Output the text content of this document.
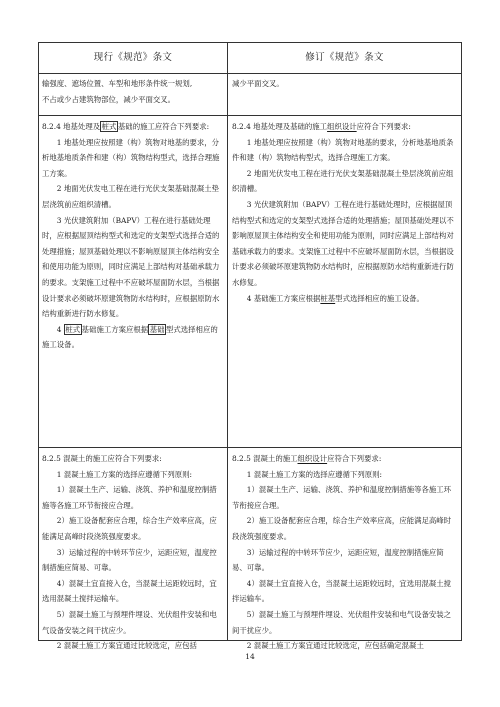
现行《规范》条文	修订《规范》条文

输强度、遮场位置、车型和地形条件统一规划,

不占或少占建筑物部位，减少平面交叉。

减少平面交叉。

8.2.4 地基处理及 桩式 基础的施工应符合下列要求:

1 地基处理应按照建（构）筑物对地基的要求，分析地基地质条件和建（构）筑物结构型式，选择合理施工方案。

2 地面光伏发电工程在进行光伏支架基础混凝土垫层浇筑前应组织清槽。

3 光伏建筑附加（BAPV）工程在进行基础处理时，应根据屋顶结构型式和选定的支架型式选择合适的处理措施；屋顶基础处理以不影响原屋顶主体结构安全和使用功能为原则，同时应满足上部结构对基础承载力的要求。支架施工过程中不应破坏屋面防水层，当根据设计要求必须破坏原建筑物防水结构时，应根据原防水结构重新进行防水修复。

4 桩式 基础施工方案应根据 基础 型式选择相应的施工设备。

8.2.4 地基处理及基础的施工组织设计应符合下列要求:

1 地基处理应按照建（构）筑物对地基的要求，分析地基地质条件和建（构）筑物结构型式，选择合理施工方案。

2 地面光伏发电工程在进行光伏支架基础混凝土垫层浇筑前应组织清槽。

3 光伏建筑附加（BAPV）工程在进行基础处理时，应根据屋顶结构型式和选定的支架型式选择合适的处理措施；屋顶基础处理以不影响原屋顶主体结构安全和使用功能为原则，同时应满足上部结构对基础承载力的要求。支架施工过程中不应破坏屋面防水层，当根据设计要求必须破坏原建筑物防水结构时，应根据原防水结构重新进行防水修复。

4 基础施工方案应根据桩基型式选择相应的施工设备。

8.2.5 混凝土的施工应符合下列要求:

1 混凝土施工方案的选择应遵循下列原则:

1）混凝土生产、运输、浇筑、养护和温度控制措施等各施工环节衔接应合理。

2）施工设备配套应合理，综合生产效率应高，应能满足高峰时段浇筑强度要求。

3）运输过程的中转环节应少，运距应短，温度控制措施应简易、可靠。

4）混凝土宜直接入仓，当混凝土运距较远时，宜选用混凝土搅拌运输车。

5）混凝土施工与预埋件埋设、光伏组件安装和电气设备安装之间干扰应少。

2 混凝土施工方案宜通过比较选定，应包括

8.2.5 混凝土的施工组织设计应符合下列要求:

1 混凝土施工方案的选择应遵循下列原则:

1）混凝土生产、运输、浇筑、养护和温度控制措施等各施工环节衔接应合理。

2）施工设备配套应合理，综合生产效率应高，应能满足高峰时段浇筑强度要求。

3）运输过程的中转环节应少，运距应短，温度控制措施应简易、可靠。

4）混凝土宜直接入仓，当混凝土运距较远时，宜选用混凝土搅拌运输车。

5）混凝土施工与预埋件埋设、光伏组件安装和电气设备安装之间干扰应少。

2 混凝土施工方案宜通过比较选定，应包括确定混凝土

14
